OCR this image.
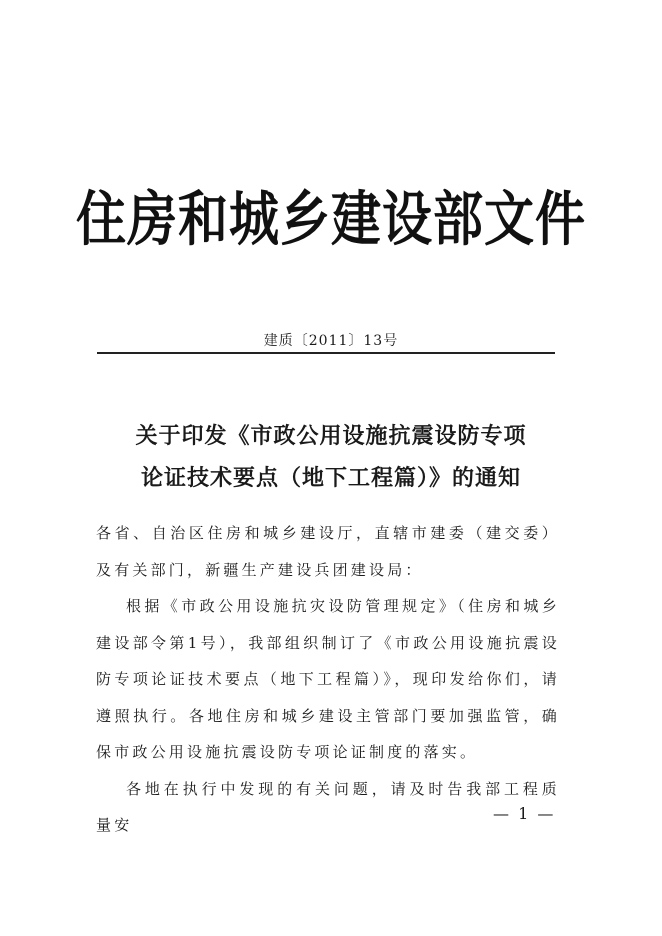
住房和城乡建设部文件
建质〔2011〕13号
关于印发《市政公用设施抗震设防专项
论证技术要点（地下工程篇）》的通知

各省、自治区住房和城乡建设厅，直辖市建委（建交委）及有关部门，新疆生产建设兵团建设局：

根据《市政公用设施抗灾设防管理规定》（住房和城乡建设部令第1号），我部组织制订了《市政公用设施抗震设防专项论证技术要点（地下工程篇）》，现印发给你们，请遵照执行。各地住房和城乡建设主管部门要加强监管，确保市政公用设施抗震设防专项论证制度的落实。

各地在执行中发现的有关问题，请及时告我部工程质量安

— 1 —
